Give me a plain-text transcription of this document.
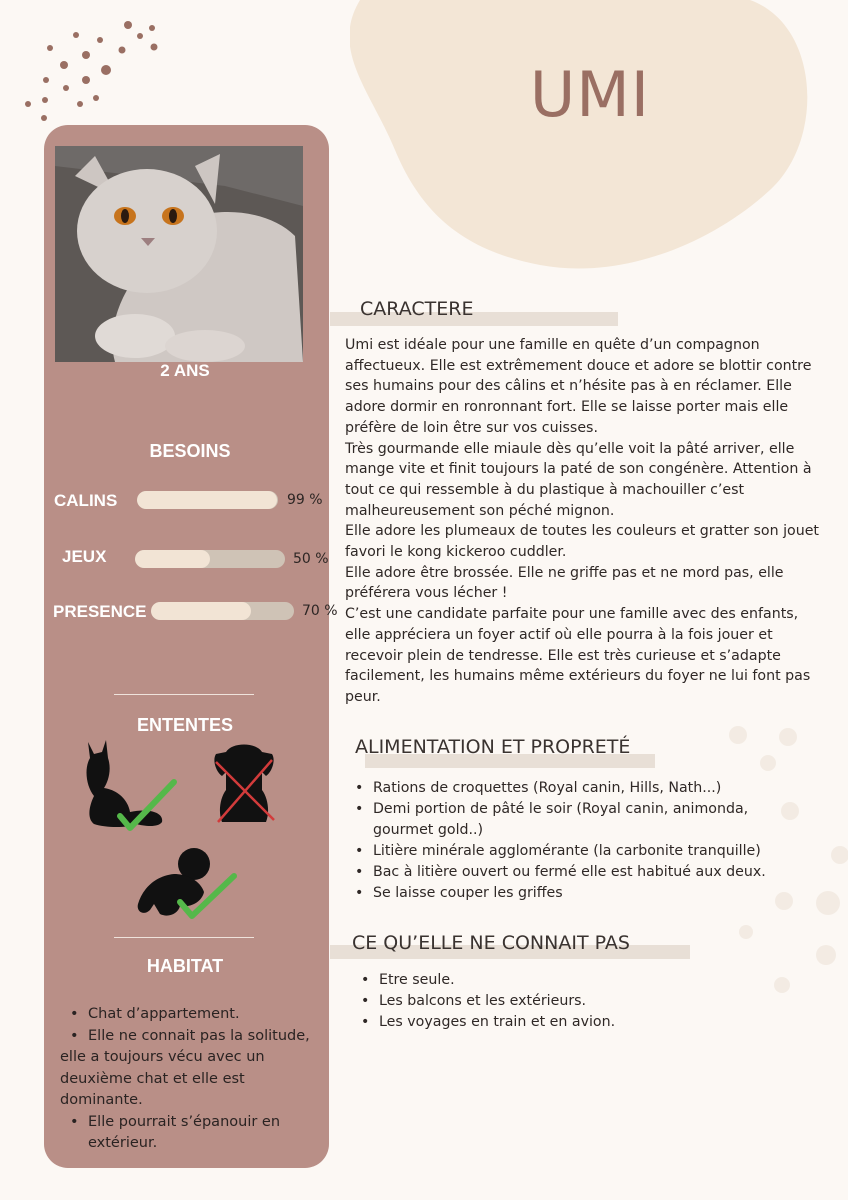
UMI
2 ANS
BESOINS
CALINS	99 %
JEUX	50 %
PRESENCE	70 %
ENTENTES
HABITAT
• Chat d’appartement.
• Elle ne connait pas la solitude, elle a toujours vécu avec un deuxième chat et elle est dominante.
• Elle pourrait s’épanouir en extérieur.
CARACTERE

Umi est idéale pour une famille en quête d’un compagnon affectueux. Elle est extrêmement douce et adore se blottir contre ses humains pour des câlins et n’hésite pas à en réclamer. Elle adore dormir en ronronnant fort. Elle se laisse porter mais elle préfère de loin être sur vos cuisses.

Très gourmande elle miaule dès qu’elle voit la pâté arriver, elle mange vite et finit toujours la paté de son congénère. Attention à tout ce qui ressemble à du plastique à machouiller c’est malheureusement son péché mignon.

Elle adore les plumeaux de toutes les couleurs et gratter son jouet favori le kong kickeroo cuddler.

Elle adore être brossée. Elle ne griffe pas et ne mord pas, elle préférera vous lécher !

C’est une candidate parfaite pour une famille avec des enfants, elle appréciera un foyer actif où elle pourra à la fois jouer et recevoir plein de tendresse. Elle est très curieuse et s’adapte facilement, les humains même extérieurs du foyer ne lui font pas peur.

ALIMENTATION ET PROPRETÉ
• Rations de croquettes (Royal canin, Hills, Nath...)
• Demi portion de pâté le soir (Royal canin, animonda, gourmet gold..)
• Litière minérale agglomérante (la carbonite tranquille)
• Bac à litière ouvert ou fermé elle est habitué aux deux.
• Se laisse couper les griffes
CE QU’ELLE NE CONNAIT PAS
• Etre seule.
• Les balcons et les extérieurs.
• Les voyages en train et en avion.
